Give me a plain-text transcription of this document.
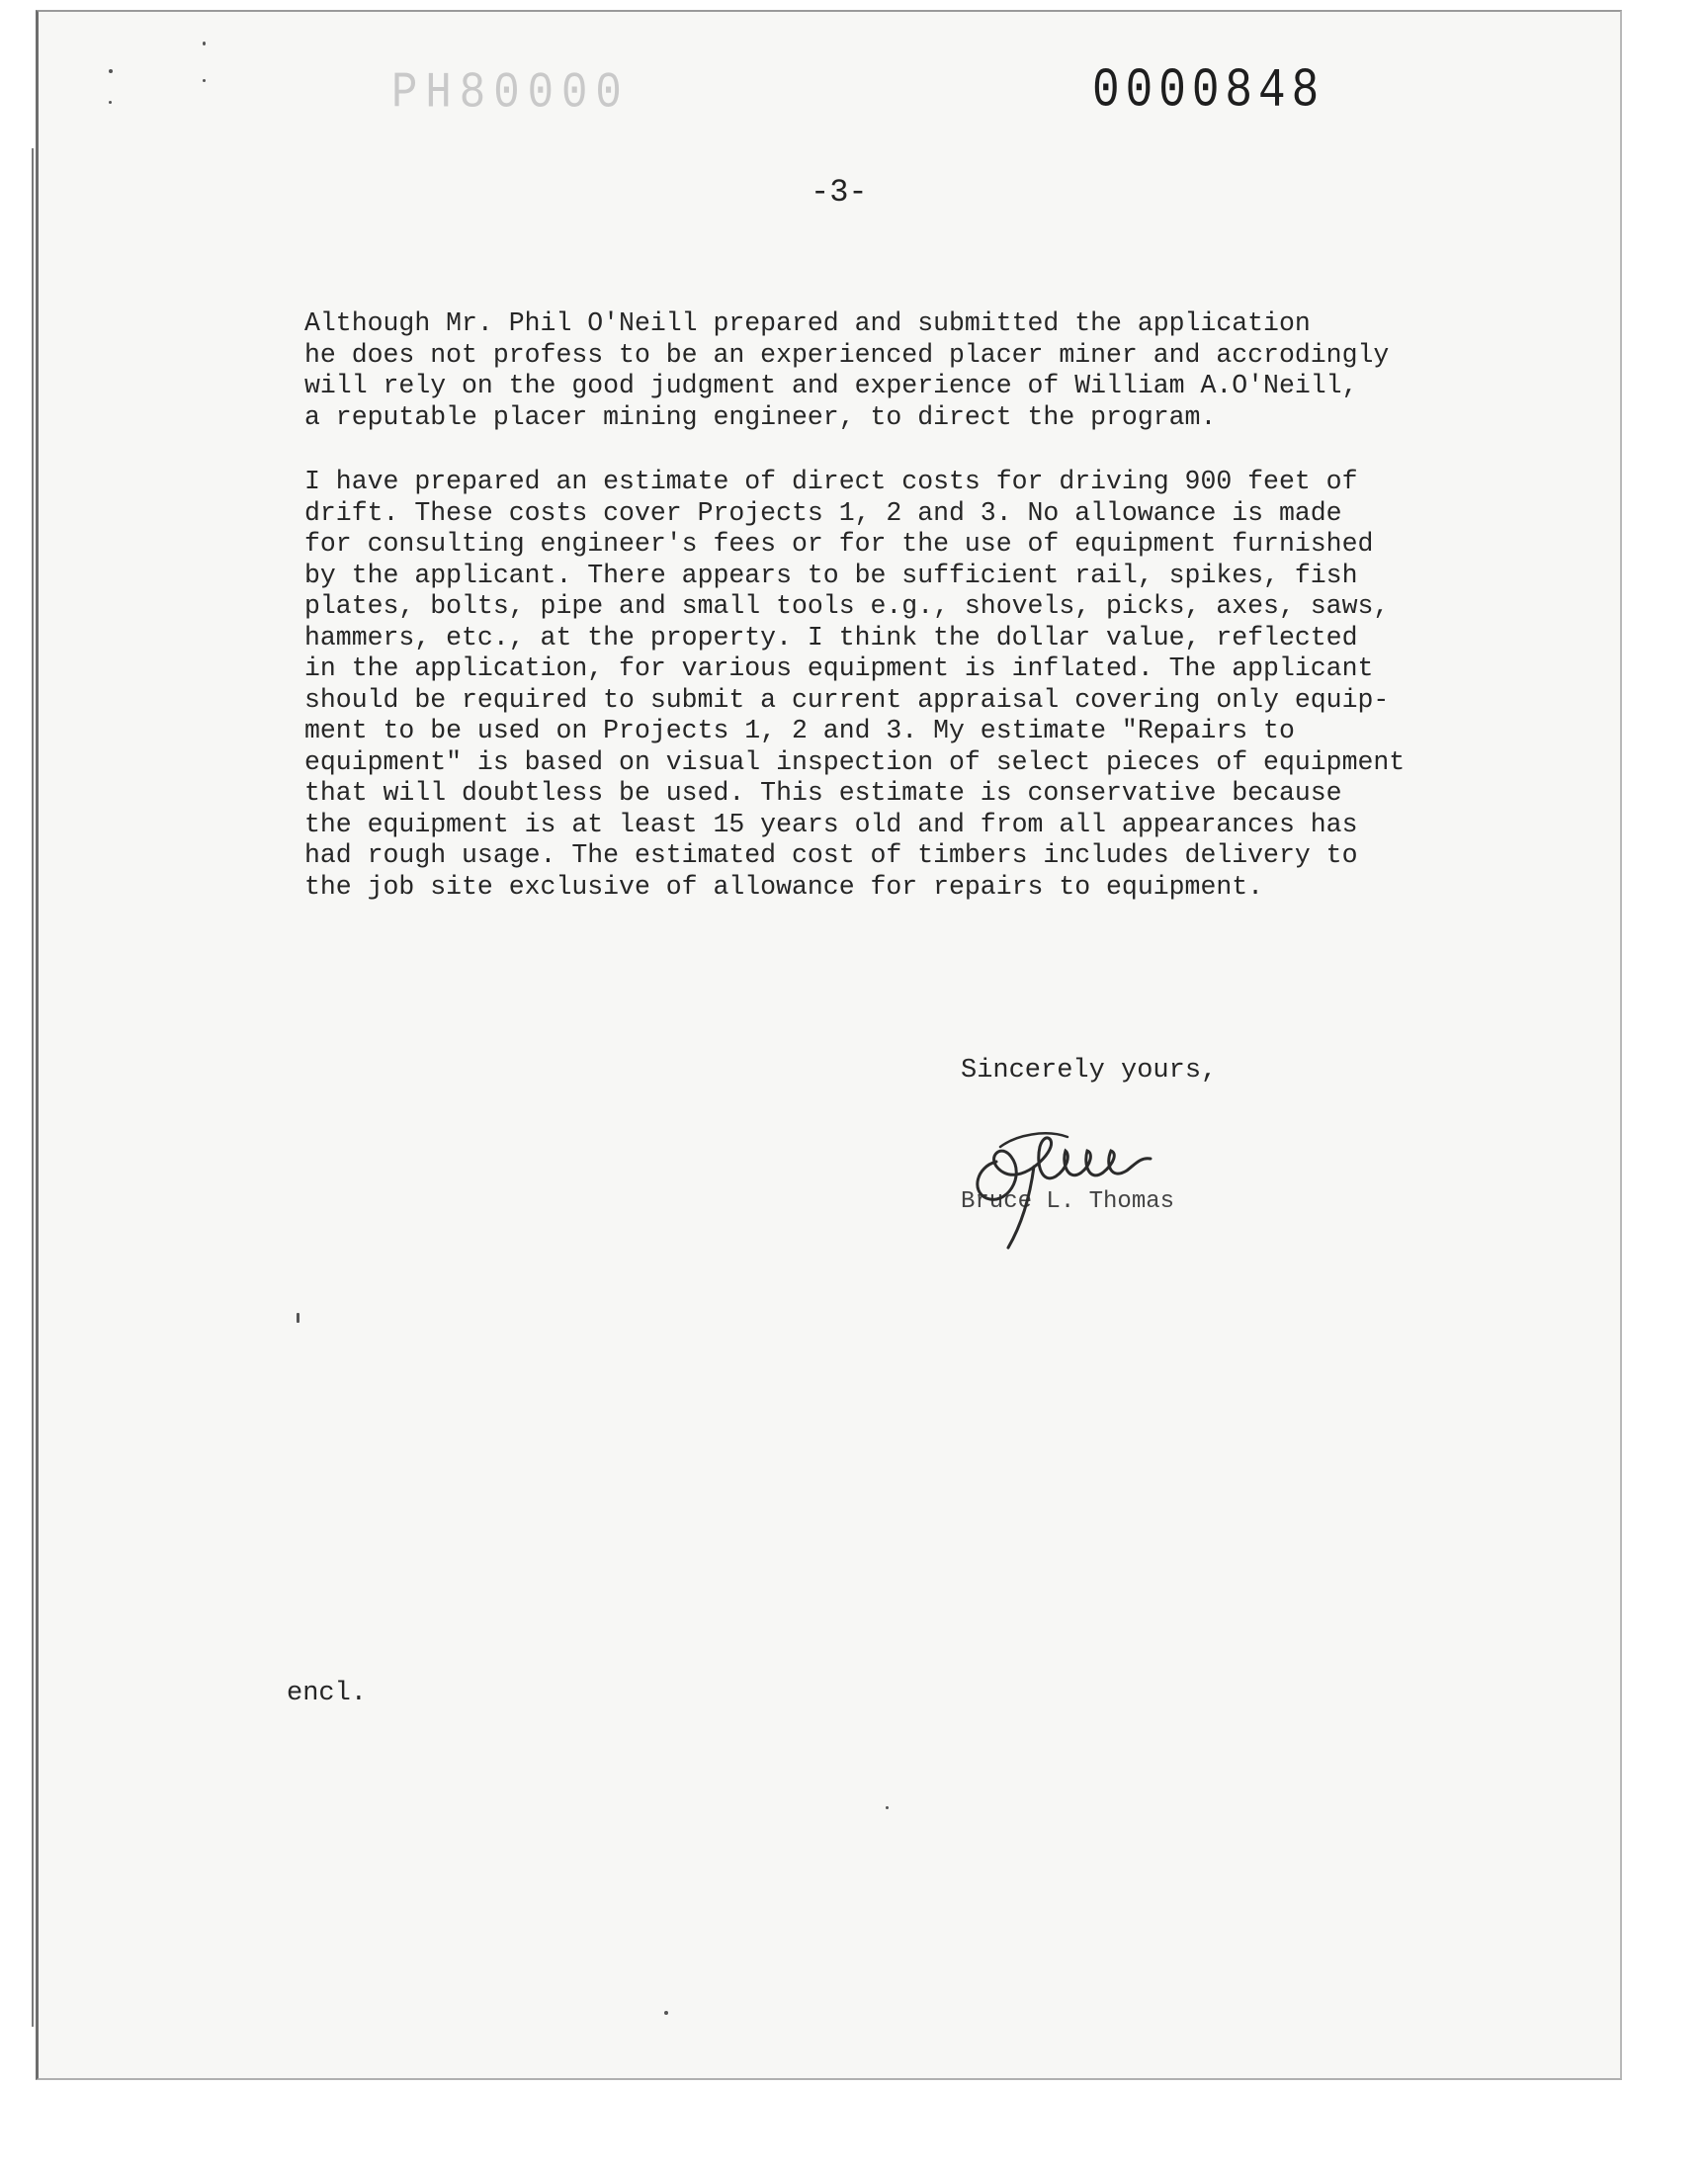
PH80000	0000848
-3-

Although Mr. Phil O'Neill prepared and submitted the application
he does not profess to be an experienced placer miner and accrodingly
will rely on the good judgment and experience of William A.O'Neill,
a reputable placer mining engineer, to direct the program.

I have prepared an estimate of direct costs for driving 900 feet of
drift. These costs cover Projects 1, 2 and 3. No allowance is made
for consulting engineer's fees or for the use of equipment furnished
by the applicant. There appears to be sufficient rail, spikes, fish
plates, bolts, pipe and small tools e.g., shovels, picks, axes, saws,
hammers, etc., at the property. I think the dollar value, reflected
in the application, for various equipment is inflated. The applicant
should be required to submit a current appraisal covering only equip-
ment to be used on Projects 1, 2 and 3. My estimate "Repairs to
equipment" is based on visual inspection of select pieces of equipment
that will doubtless be used. This estimate is conservative because
the equipment is at least 15 years old and from all appearances has
had rough usage. The estimated cost of timbers includes delivery to
the job site exclusive of allowance for repairs to equipment.

Sincerely yours,
Bruce L. Thomas
encl.
